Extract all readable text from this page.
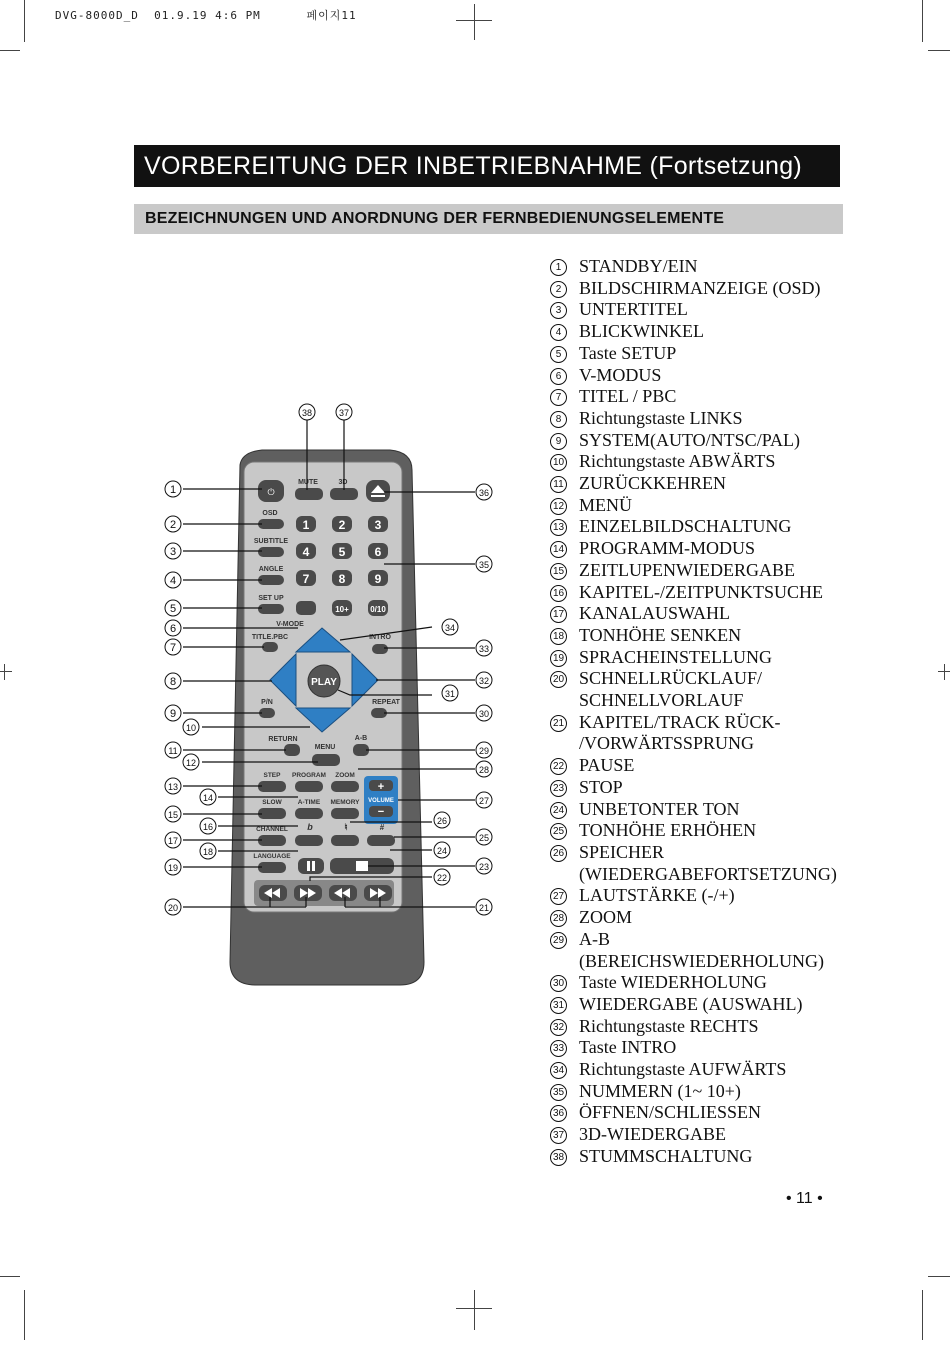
DVG-8000D_D  01.9.19 4:6 PM      페이지11
VORBEREITUNG DER INBETRIEBNAHME (Fortsetzung)
BEZEICHNUNGEN UND ANORDNUNG DER FERNBEDIENUNGSELEMENTE
⏻
MUTE	3D
OSD
SUBTITLE
ANGLE
SET UP
V-MODE
1 2 3
4 5 6
7 8 9
10+	0/10
TITLE.PBC	INTRO
PLAY
P/N	REPEAT
RETURN
MENU
A-B
STEP PROGRAM ZOOM
+
VOLUME
−
SLOW A-TIME MEMORY
CHANNEL b	♮	#
LANGUAGE
1
2
3
4
5
6
7
8
9
10
11
12
13
14
15
16
17
18
19
20	21
22
23
24
25
26
27
28
29
30
31
32
33
34
35
36
37
38
1 STANDBY/EIN
2 BILDSCHIRMANZEIGE (OSD)
3 UNTERTITEL
4 BLICKWINKEL
5 Taste SETUP
6 V-MODUS
7 TITEL / PBC
8 Richtungstaste LINKS
9 SYSTEM(AUTO/NTSC/PAL)
10 Richtungstaste ABWÄRTS
11 ZURÜCKKEHREN
12 MENÜ
13 EINZELBILDSCHALTUNG
14 PROGRAMM-MODUS
15 ZEITLUPENWIEDERGABE
16 KAPITEL-/ZEITPUNKTSUCHE
17 KANALAUSWAHL
18 TONHÖHE SENKEN
19 SPRACHEINSTELLUNG
20 SCHNELLRÜCKLAUF/
SCHNELLVORLAUF
21 KAPITEL/TRACK RÜCK-
/VORWÄRTSSPRUNG
22 PAUSE
23 STOP
24 UNBETONTER TON
25 TONHÖHE ERHÖHEN
26 SPEICHER
(WIEDERGABEFORTSETZUNG)
27 LAUTSTÄRKE (-/+)
28 ZOOM
29 A-B
(BEREICHSWIEDERHOLUNG)
30 Taste WIEDERHOLUNG
31 WIEDERGABE (AUSWAHL)
32 Richtungstaste RECHTS
33 Taste INTRO
34 Richtungstaste AUFWÄRTS
35 NUMMERN (1~ 10+)
36 ÖFFNEN/SCHLIESSEN
37 3D-WIEDERGABE
38 STUMMSCHALTUNG
• 11 •
